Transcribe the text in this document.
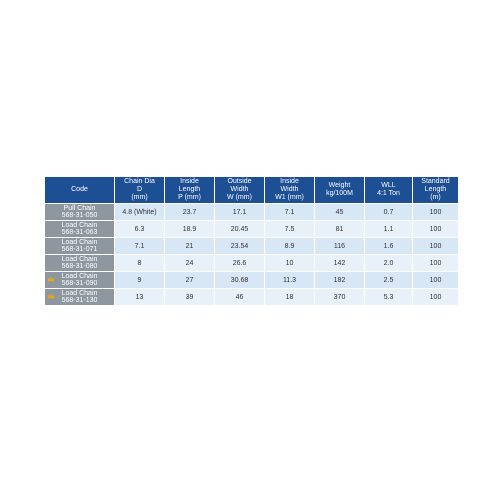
Code	Chain Dia
D
(mm)	Inside
Length
P (mm)	Outside
Width
W (mm)	Inside
Width
W1 (mm)	Weight
kg/100M	WLL
4:1 Ton	Standard
Length
(m)

Pull Chain
568-31-050	4.8 (White)	23.7	17.1	7.1	45	0.7	100

Load Chain
568-31-063	6.3	18.9	20.45	7.5	81	1.1	100

Load Chain
568-31-071	7.1	21	23.54	8.9	116	1.6	100

Load Chain
568-31-080	8	24	26.6	10	142	2.0	100

Load Chain
568-31-090	9	27	30.68	11.3	182	2.5	100

Load Chain
568-31-130	13	39	46	18	370	5.3	100
